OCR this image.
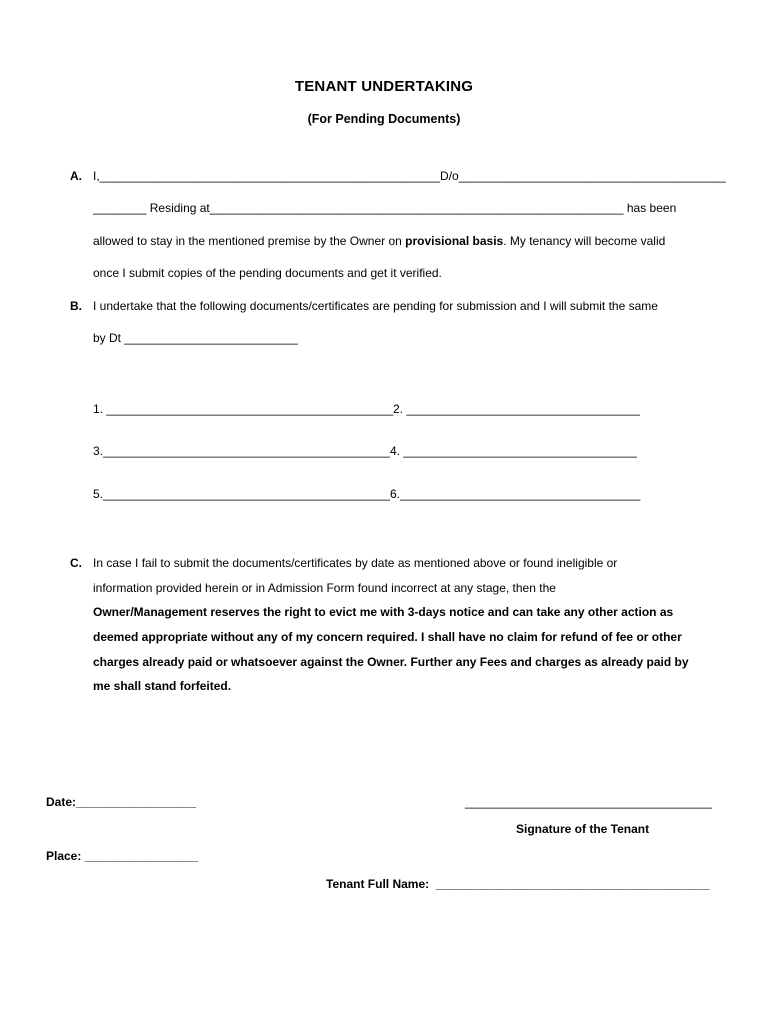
TENANT UNDERTAKING
(For Pending Documents)
A. I,___________________________________________________D/o________________________________________
________ Residing at______________________________________________________________ has been
allowed to stay in the mentioned premise by the Owner on provisional basis. My tenancy will become valid
once I submit copies of the pending documents and get it verified.
B. I undertake that the following documents/certificates are pending for submission and I will submit the same
by Dt __________________________
1. ___________________________________________ 2. ___________________________________
3.___________________________________________ 4. ___________________________________
5.___________________________________________ 6.____________________________________
C. In case I fail to submit the documents/certificates by date as mentioned above or found ineligible or
information provided herein or in Admission Form found incorrect at any stage, then the
Owner/Management reserves the right to evict me with 3-days notice and can take any other action as
deemed appropriate without any of my concern required. I shall have no claim for refund of fee or other
charges already paid or whatsoever against the Owner. Further any Fees and charges as already paid by
me shall stand forfeited.
Date:__________________	_____________________________________
Signature of the Tenant
Place: _________________
Tenant Full Name:  _________________________________________
